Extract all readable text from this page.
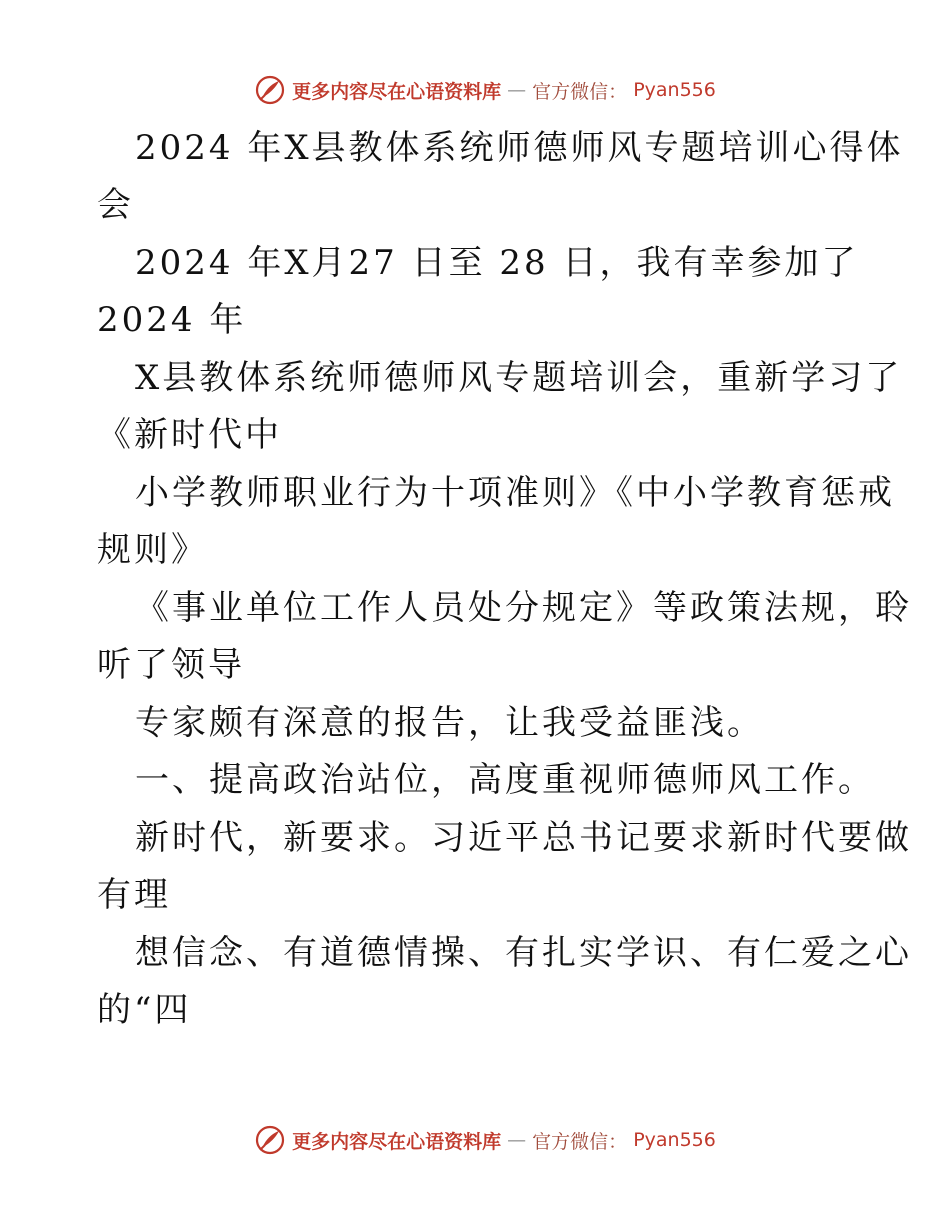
更多内容尽在心语资料库 — 官方微信： Pyan556
2024 年X县教体系统师德师风专题培训心得体
会
2024 年X月27 日至 28 日，我有幸参加了
2024 年
X县教体系统师德师风专题培训会，重新学习了
《新时代中
小学教师职业行为十项准则》《中小学教育惩戒
规则》
《事业单位工作人员处分规定》等政策法规，聆
听了领导
专家颇有深意的报告，让我受益匪浅。
一、提高政治站位，高度重视师德师风工作。
新时代，新要求。习近平总书记要求新时代要做
有理
想信念、有道德情操、有扎实学识、有仁爱之心
的“四
更多内容尽在心语资料库 — 官方微信： Pyan556
